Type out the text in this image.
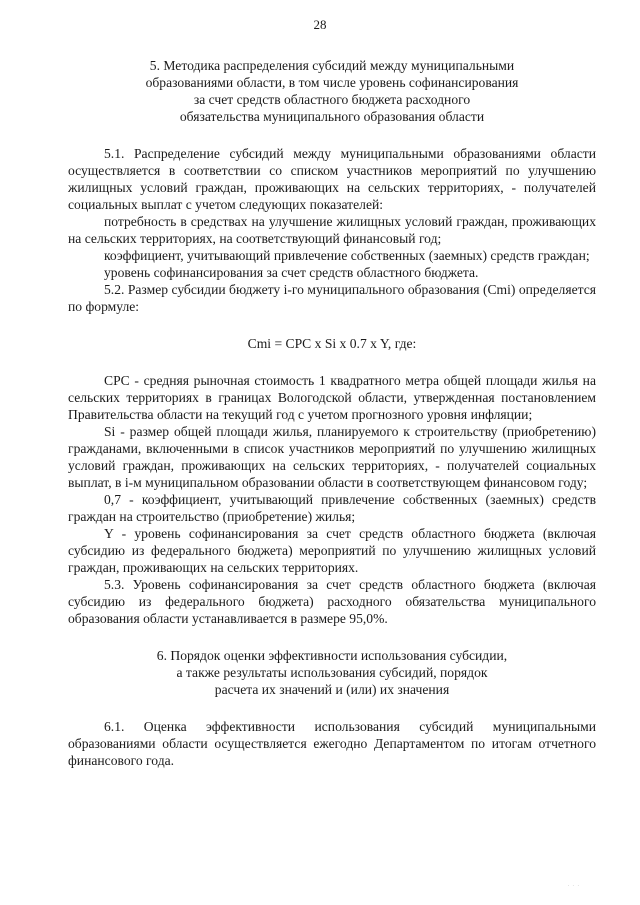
28
5. Методика распределения субсидий между муниципальными
образованиями области, в том числе уровень софинансирования
за счет средств областного бюджета расходного
обязательства муниципального образования области

5.1. Распределение субсидий между муниципальными образованиями области осуществляется в соответствии со списком участников мероприятий по улучшению жилищных условий граждан, проживающих на сельских территориях, - получателей социальных выплат с учетом следующих показателей:

потребность в средствах на улучшение жилищных условий граждан, проживающих на сельских территориях, на соответствующий финансовый год;

коэффициент, учитывающий привлечение собственных (заемных) средств граждан;

уровень софинансирования за счет средств областного бюджета.

5.2. Размер субсидии бюджету i-го муниципального образования (Cmi) определяется по формуле:

Cmi = CPC x Si x 0.7 x Y, где:

CPC - средняя рыночная стоимость 1 квадратного метра общей площади жилья на сельских территориях в границах Вологодской области, утвержденная постановлением Правительства области на текущий год с учетом прогнозного уровня инфляции;

Si - размер общей площади жилья, планируемого к строительству (приобретению) гражданами, включенными в список участников мероприятий по улучшению жилищных условий граждан, проживающих на сельских территориях, - получателей социальных выплат, в i-м муниципальном образовании области в соответствующем финансовом году;

0,7 - коэффициент, учитывающий привлечение собственных (заемных) средств граждан на строительство (приобретение) жилья;

Y - уровень софинансирования за счет средств областного бюджета (включая субсидию из федерального бюджета) мероприятий по улучшению жилищных условий граждан, проживающих на сельских территориях.

5.3. Уровень софинансирования за счет средств областного бюджета (включая субсидию из федерального бюджета) расходного обязательства муниципального образования области устанавливается в размере 95,0%.

6. Порядок оценки эффективности использования субсидии,
а также результаты использования субсидий, порядок
расчета их значений и (или) их значения

6.1. Оценка эффективности использования субсидий муниципальными образованиями области осуществляется ежегодно Департаментом по итогам отчетного финансового года.

· · ·
